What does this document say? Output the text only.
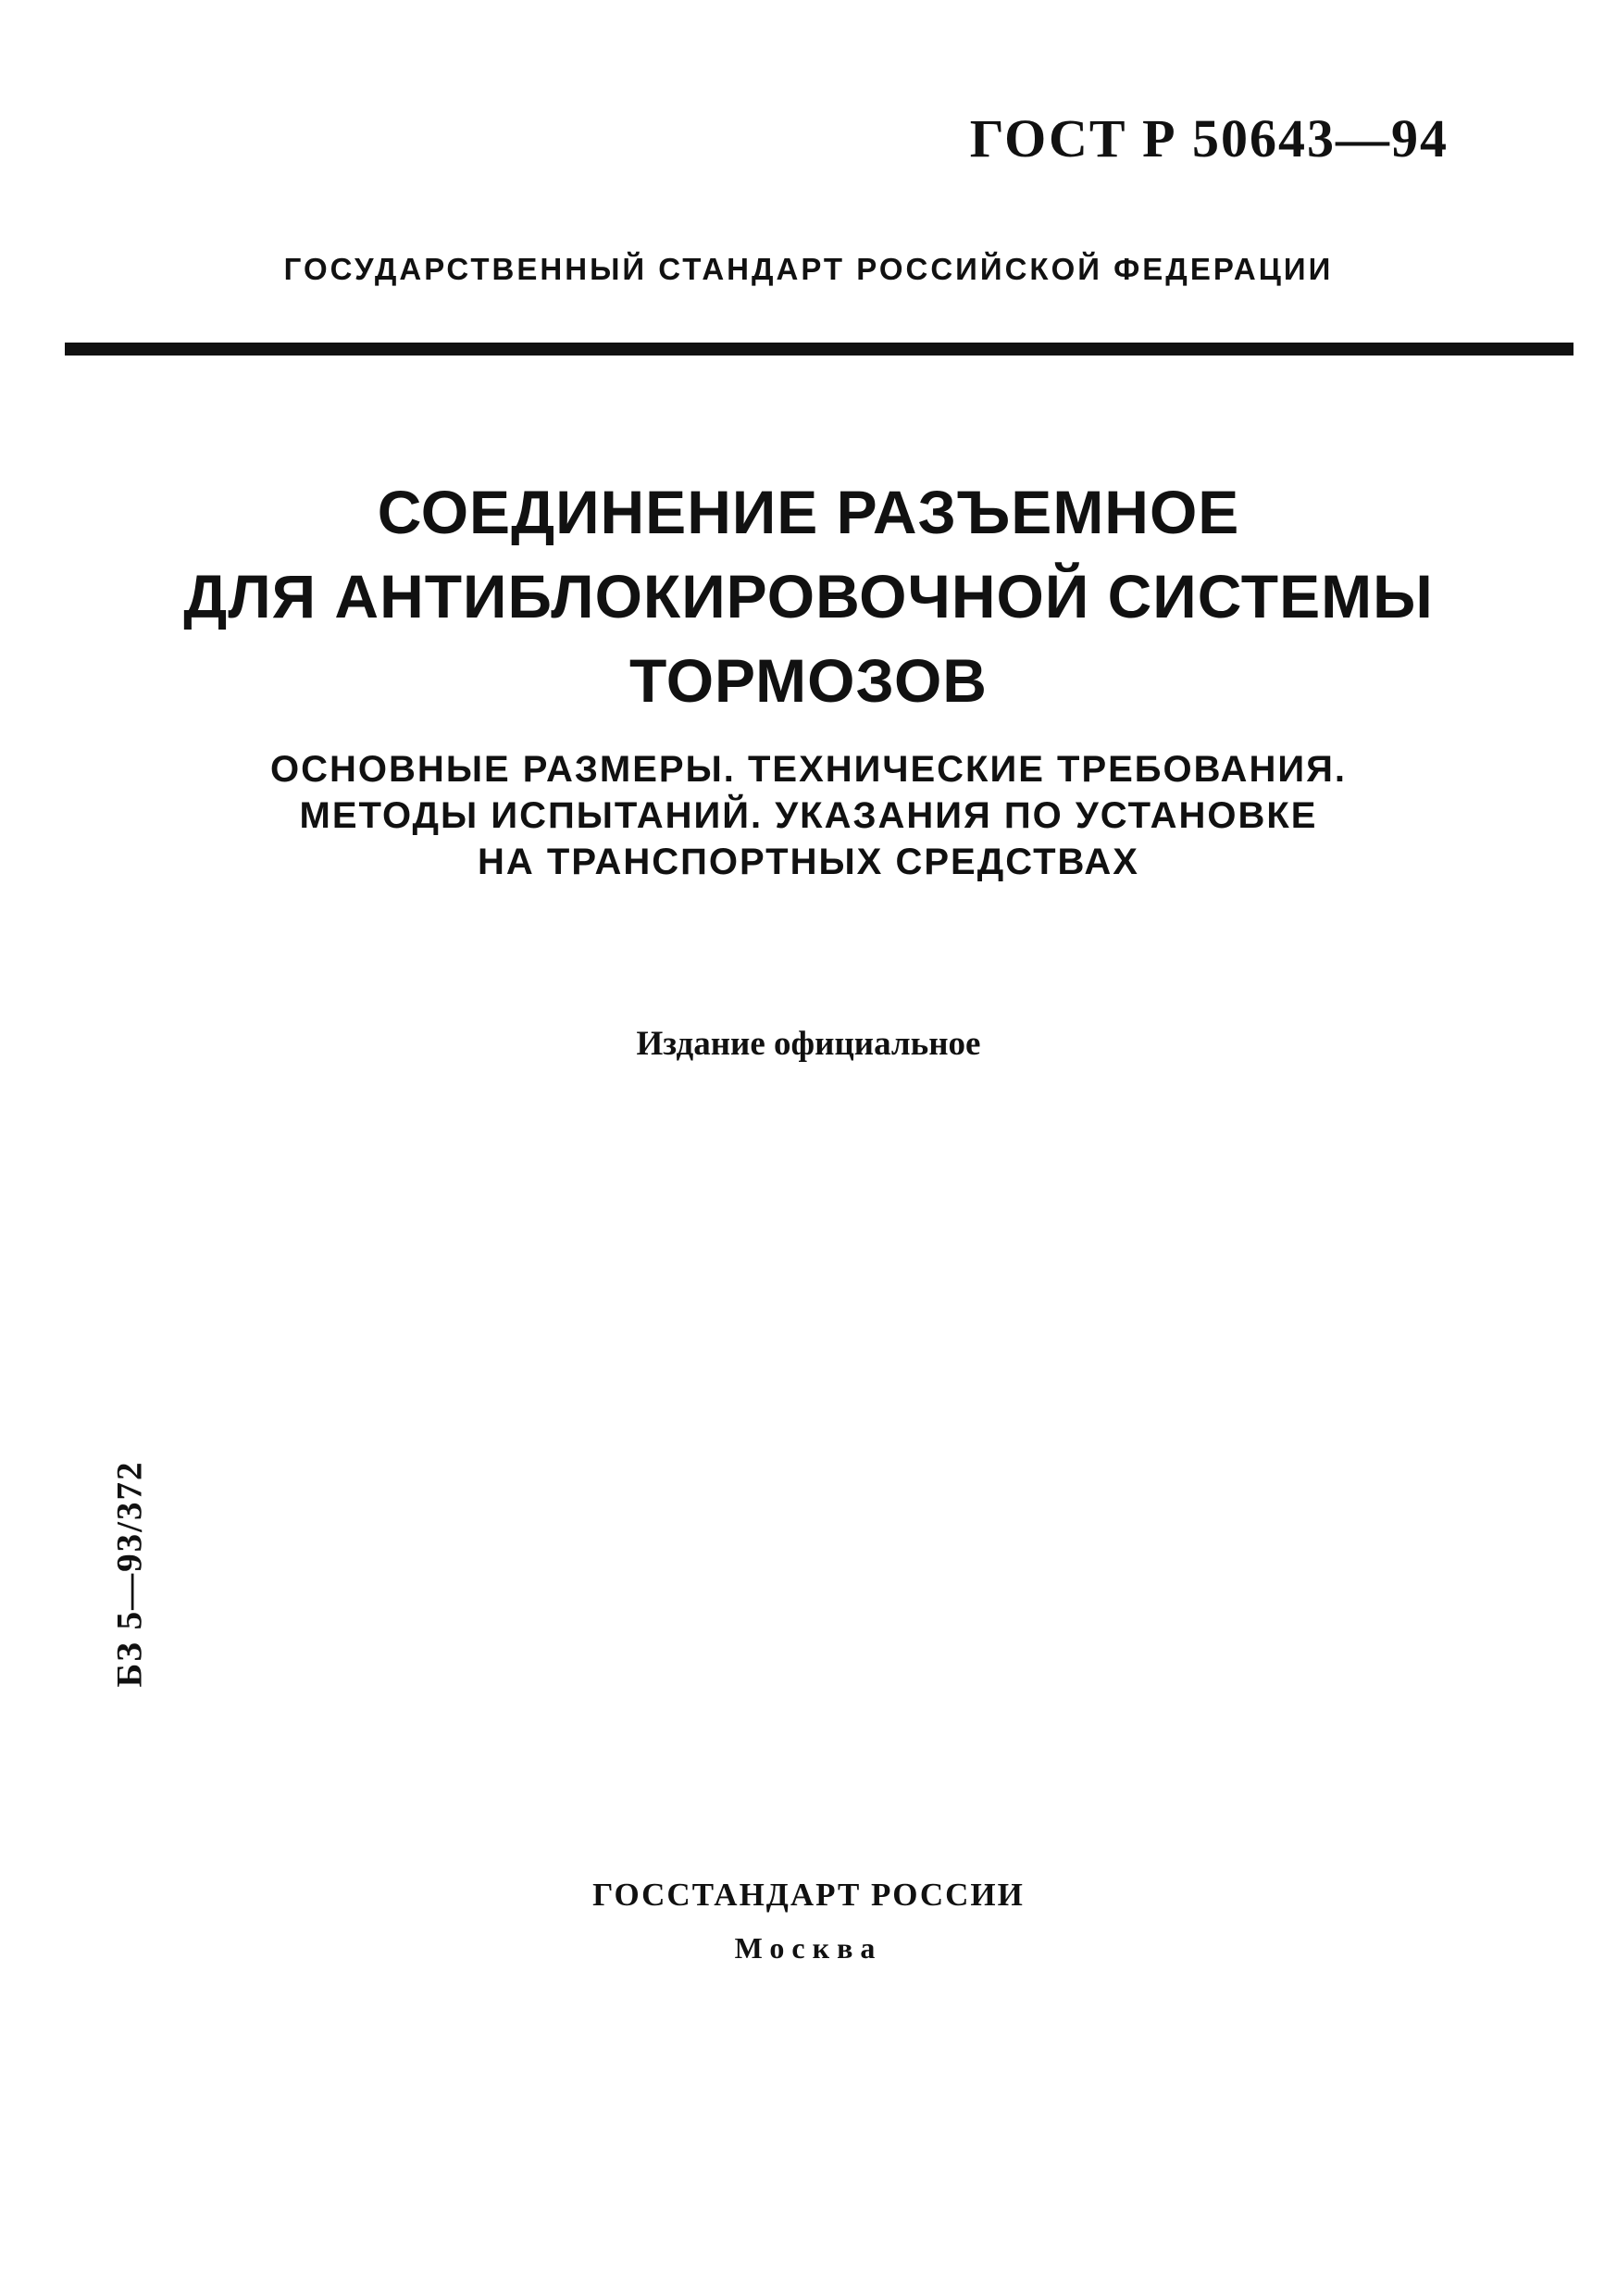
ГОСТ Р 50643—94
ГОСУДАРСТВЕННЫЙ СТАНДАРТ РОССИЙСКОЙ ФЕДЕРАЦИИ
СОЕДИНЕНИЕ РАЗЪЕМНОЕ
ДЛЯ АНТИБЛОКИРОВОЧНОЙ СИСТЕМЫ
ТОРМОЗОВ
ОСНОВНЫЕ РАЗМЕРЫ. ТЕХНИЧЕСКИЕ ТРЕБОВАНИЯ.
МЕТОДЫ ИСПЫТАНИЙ. УКАЗАНИЯ ПО УСТАНОВКЕ
НА ТРАНСПОРТНЫХ СРЕДСТВАХ
Издание официальное
БЗ 5—93/372
ГОССТАНДАРТ РОССИИ
Москва
